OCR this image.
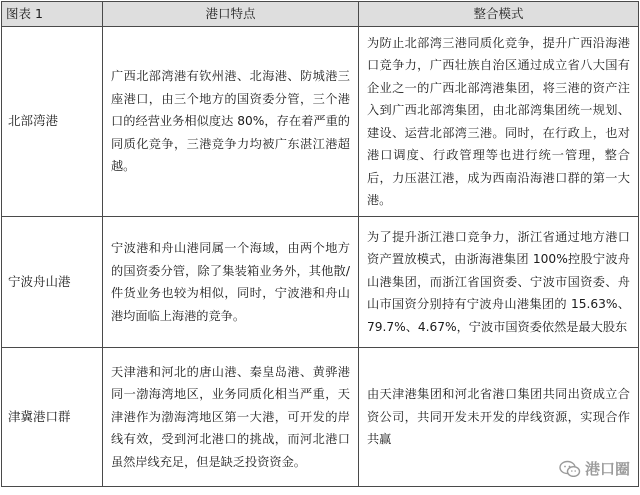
图表 1	港口特点	整合模式
北部湾港	广西北部湾港有钦州港、北海港、防城港三座港口，由三个地方的国资委分管，三个港口的经营业务相似度达 80%，存在着严重的同质化竞争，三港竞争力均被广东湛江港超越。	为防止北部湾三港同质化竞争，提升广西沿海港口竞争力，广西壮族自治区通过成立省八大国有企业之一的广西北部湾港集团，将三港的资产注入到广西北部湾集团，由北部湾集团统一规划、建设、运营北部湾三港。同时，在行政上，也对港口调度、行政管理等也进行统一管理，整合后，力压湛江港，成为西南沿海港口群的第一大港。
宁波舟山港	宁波港和舟山港同属一个海域，由两个地方的国资委分管，除了集装箱业务外，其他散/件货业务也较为相似，同时，宁波港和舟山港均面临上海港的竞争。	为了提升浙江港口竞争力，浙江省通过地方港口资产置放模式，由浙海港集团 100%控股宁波舟山港集团，而浙江省国资委、宁波市国资委、舟山市国资分别持有宁波舟山港集团的 15.63%、79.7%、4.67%，宁波市国资委依然是最大股东
津冀港口群	天津港和河北的唐山港、秦皇岛港、黄骅港同一渤海湾地区，业务同质化相当严重，天津港作为渤海湾地区第一大港，可开发的岸线有效，受到河北港口的挑战，而河北港口虽然岸线充足，但是缺乏投资资金。	由天津港集团和河北省港口集团共同出资成立合资公司，共同开发未开发的岸线资源，实现合作共赢
港口圈
